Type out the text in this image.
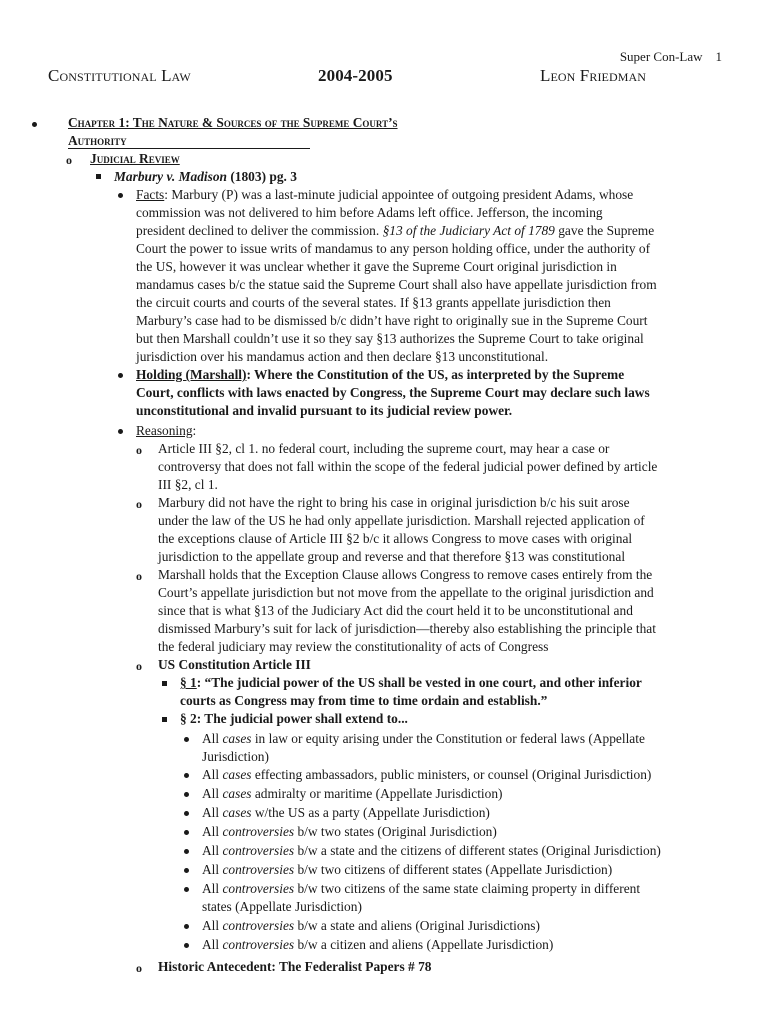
Super Con-Law 1
Constitutional Law	2004-2005	Leon Friedman
Chapter 1: The Nature & Sources of the Supreme Court’s
Authority
o Judicial Review
Marbury v. Madison (1803) pg. 3
Facts: Marbury (P) was a last-minute judicial appointee of outgoing president Adams, whose
commission was not delivered to him before Adams left office. Jefferson, the incoming
president declined to deliver the commission. §13 of the Judiciary Act of 1789 gave the Supreme
Court the power to issue writs of mandamus to any person holding office, under the authority of
the US, however it was unclear whether it gave the Supreme Court original jurisdiction in
mandamus cases b/c the statue said the Supreme Court shall also have appellate jurisdiction from
the circuit courts and courts of the several states. If §13 grants appellate jurisdiction then
Marbury’s case had to be dismissed b/c didn’t have right to originally sue in the Supreme Court
but then Marshall couldn’t use it so they say §13 authorizes the Supreme Court to take original
jurisdiction over his mandamus action and then declare §13 unconstitutional.
Holding (Marshall): Where the Constitution of the US, as interpreted by the Supreme
Court, conflicts with laws enacted by Congress, the Supreme Court may declare such laws
unconstitutional and invalid pursuant to its judicial review power.
Reasoning:
o Article III §2, cl 1. no federal court, including the supreme court, may hear a case or
controversy that does not fall within the scope of the federal judicial power defined by article
III §2, cl 1.
o Marbury did not have the right to bring his case in original jurisdiction b/c his suit arose
under the law of the US he had only appellate jurisdiction. Marshall rejected application of
the exceptions clause of Article III §2 b/c it allows Congress to move cases with original
jurisdiction to the appellate group and reverse and that therefore §13 was constitutional
o Marshall holds that the Exception Clause allows Congress to remove cases entirely from the
Court’s appellate jurisdiction but not move from the appellate to the original jurisdiction and
since that is what §13 of the Judiciary Act did the court held it to be unconstitutional and
dismissed Marbury’s suit for lack of jurisdiction—thereby also establishing the principle that
the federal judiciary may review the constitutionality of acts of Congress
o US Constitution Article III
§ 1: “The judicial power of the US shall be vested in one court, and other inferior
courts as Congress may from time to time ordain and establish.”
§ 2: The judicial power shall extend to...
All cases in law or equity arising under the Constitution or federal laws (Appellate
Jurisdiction)
All cases effecting ambassadors, public ministers, or counsel (Original Jurisdiction)
All cases admiralty or maritime (Appellate Jurisdiction)
All cases w/the US as a party (Appellate Jurisdiction)
All controversies b/w two states (Original Jurisdiction)
All controversies b/w a state and the citizens of different states (Original Jurisdiction)
All controversies b/w two citizens of different states (Appellate Jurisdiction)
All controversies b/w two citizens of the same state claiming property in different
states (Appellate Jurisdiction)
All controversies b/w a state and aliens (Original Jurisdictions)
All controversies b/w a citizen and aliens (Appellate Jurisdiction)
o Historic Antecedent: The Federalist Papers # 78
